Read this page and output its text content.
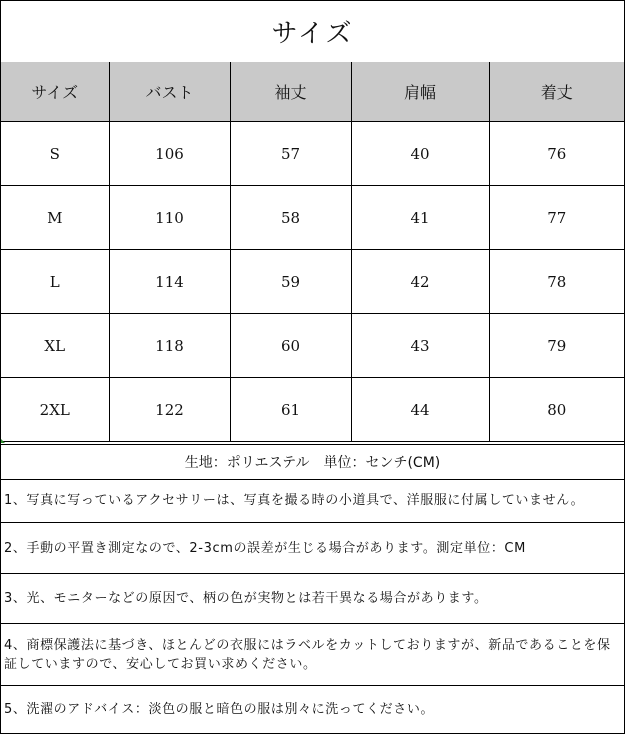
サイズ
サイズ	バスト	袖丈	肩幅	着丈
S	106	57	40	76
M	110	58	41	77
L	114	59	42	78
XL	118	60	43	79
2XL	122	61	44	80
生地：ポリエステル　単位：センチ(CM)
1、写真に写っているアクセサリーは、写真を撮る時の小道具で、洋服服に付属していません。
2、手動の平置き測定なので、2-3cmの誤差が生じる場合があります。測定単位：CM
3、光、モニターなどの原因で、柄の色が実物とは若干異なる場合があります。
4、商標保護法に基づき、ほとんどの衣服にはラベルをカットしておりますが、新品であることを保証していますので、安心してお買い求めください。
5、洗濯のアドバイス：淡色の服と暗色の服は別々に洗ってください。
